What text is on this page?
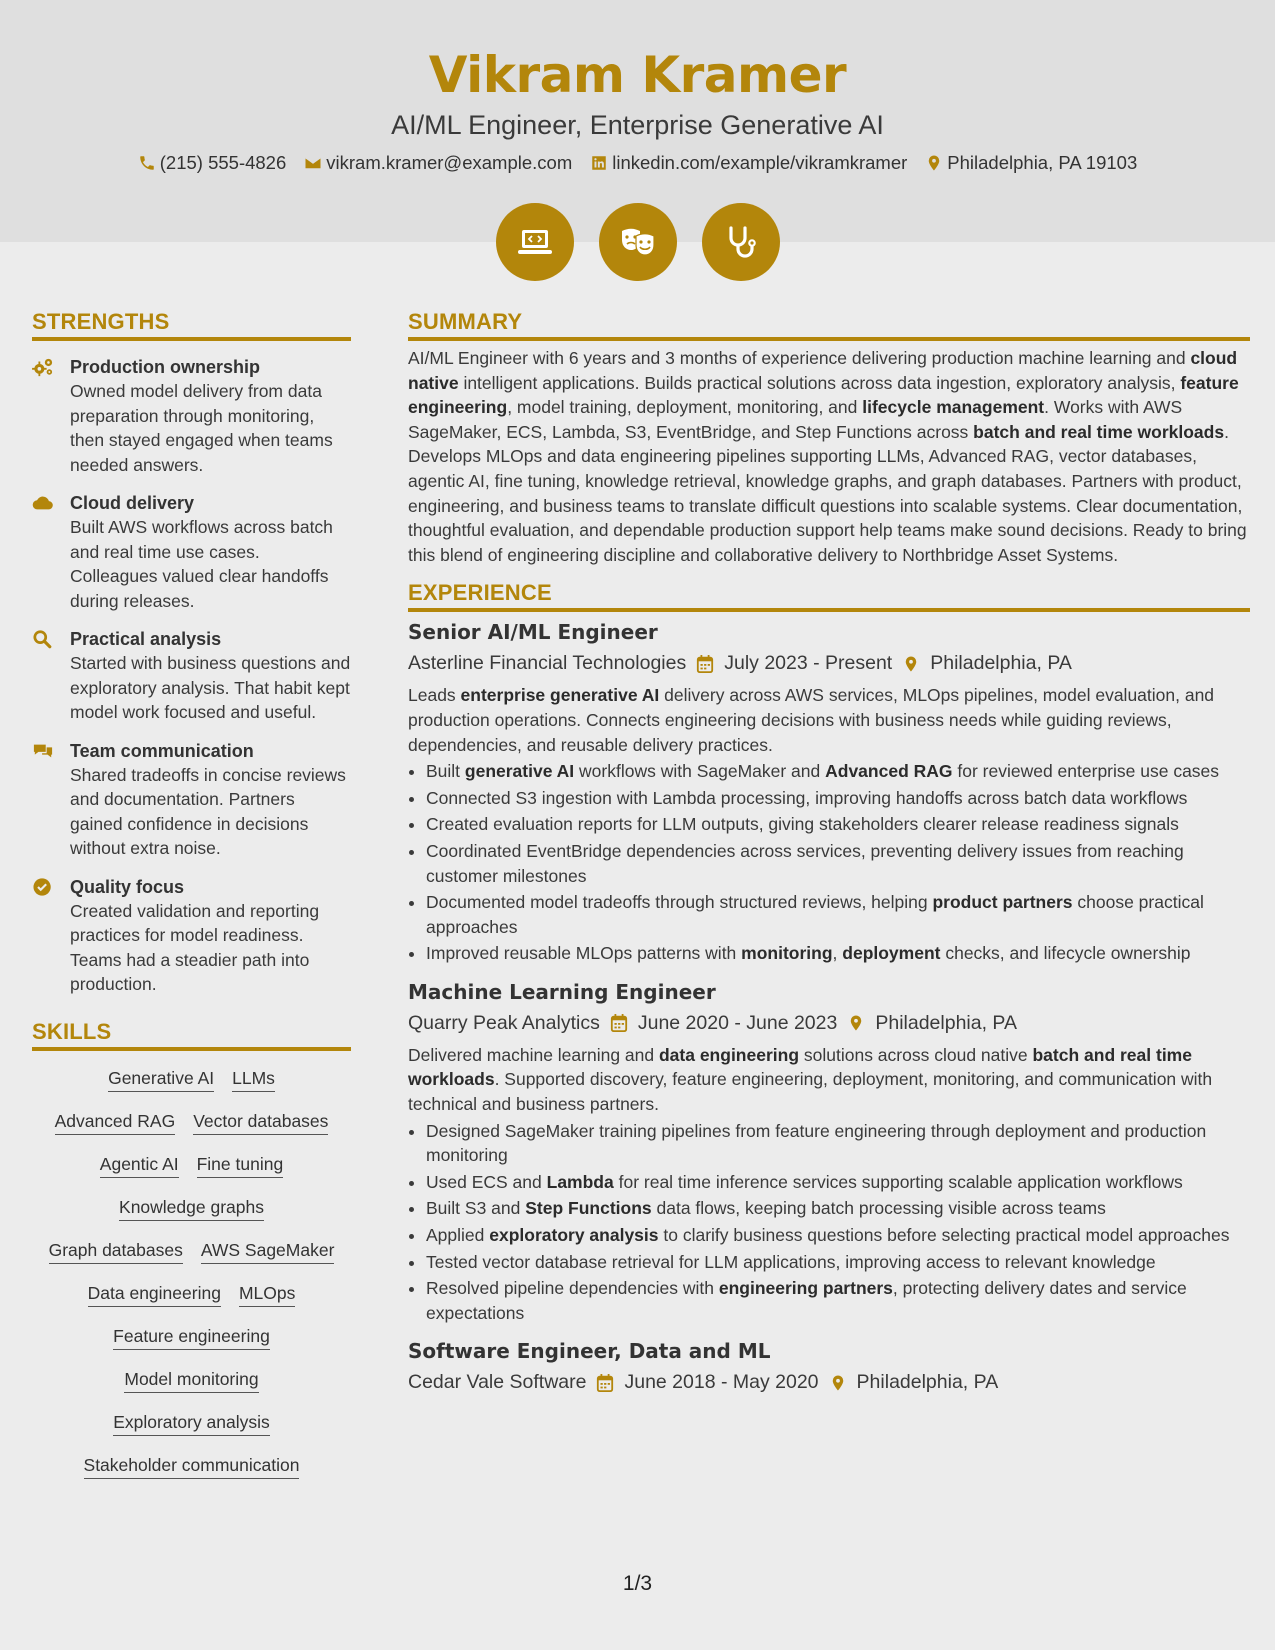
Vikram Kramer
AI/ML Engineer, Enterprise Generative AI
(215) 555-4826 vikram.kramer@example.com linkedin.com/example/vikramkramer Philadelphia, PA 19103
STRENGTHS
Production ownership
Owned model delivery from data preparation through monitoring, then stayed engaged when teams needed answers.
Cloud delivery
Built AWS workflows across batch and real time use cases. Colleagues valued clear handoffs during releases.
Practical analysis
Started with business questions and exploratory analysis. That habit kept model work focused and useful.
Team communication
Shared tradeoffs in concise reviews and documentation. Partners gained confidence in decisions without extra noise.
Quality focus
Created validation and reporting practices for model readiness. Teams had a steadier path into production.
SKILLS
Generative AI LLMs
Advanced RAG Vector databases
Agentic AI Fine tuning
Knowledge graphs
Graph databases AWS SageMaker
Data engineering MLOps
Feature engineering
Model monitoring
Exploratory analysis
Stakeholder communication
SUMMARY
AI/ML Engineer with 6 years and 3 months of experience delivering production machine learning and cloud native intelligent applications. Builds practical solutions across data ingestion, exploratory analysis, feature engineering, model training, deployment, monitoring, and lifecycle management. Works with AWS SageMaker, ECS, Lambda, S3, EventBridge, and Step Functions across batch and real time workloads. Develops MLOps and data engineering pipelines supporting LLMs, Advanced RAG, vector databases, agentic AI, fine tuning, knowledge retrieval, knowledge graphs, and graph databases. Partners with product, engineering, and business teams to translate difficult questions into scalable systems. Clear documentation, thoughtful evaluation, and dependable production support help teams make sound decisions. Ready to bring this blend of engineering discipline and collaborative delivery to Northbridge Asset Systems.
EXPERIENCE
Senior AI/ML Engineer
Asterline Financial Technologies July 2023 - Present Philadelphia, PA
Leads enterprise generative AI delivery across AWS services, MLOps pipelines, model evaluation, and production operations. Connects engineering decisions with business needs while guiding reviews, dependencies, and reusable delivery practices.
• Built generative AI workflows with SageMaker and Advanced RAG for reviewed enterprise use cases
• Connected S3 ingestion with Lambda processing, improving handoffs across batch data workflows
• Created evaluation reports for LLM outputs, giving stakeholders clearer release readiness signals
• Coordinated EventBridge dependencies across services, preventing delivery issues from reaching customer milestones
• Documented model tradeoffs through structured reviews, helping product partners choose practical approaches
• Improved reusable MLOps patterns with monitoring, deployment checks, and lifecycle ownership
Machine Learning Engineer
Quarry Peak Analytics June 2020 - June 2023 Philadelphia, PA
Delivered machine learning and data engineering solutions across cloud native batch and real time workloads. Supported discovery, feature engineering, deployment, monitoring, and communication with technical and business partners.
• Designed SageMaker training pipelines from feature engineering through deployment and production monitoring
• Used ECS and Lambda for real time inference services supporting scalable application workflows
• Built S3 and Step Functions data flows, keeping batch processing visible across teams
• Applied exploratory analysis to clarify business questions before selecting practical model approaches
• Tested vector database retrieval for LLM applications, improving access to relevant knowledge
• Resolved pipeline dependencies with engineering partners, protecting delivery dates and service expectations
Software Engineer, Data and ML
Cedar Vale Software June 2018 - May 2020 Philadelphia, PA
1/3
